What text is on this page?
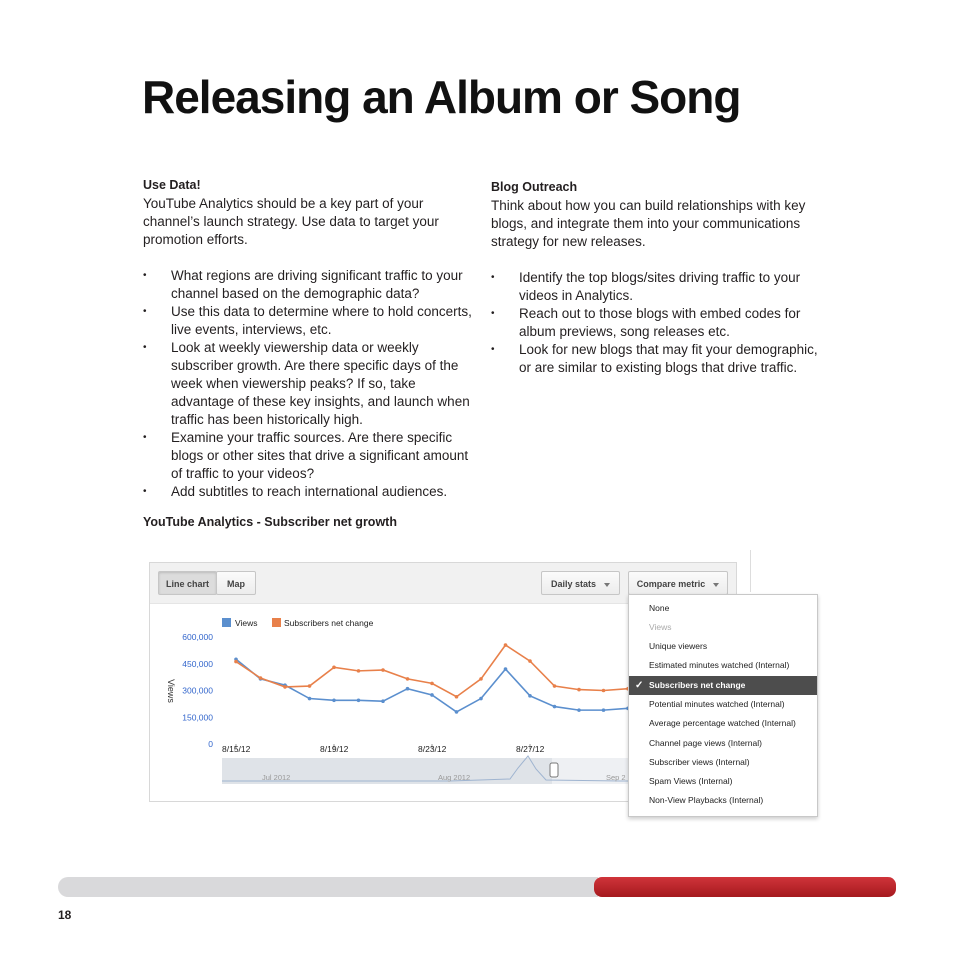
Releasing an Album or Song
Use Data!

YouTube Analytics should be a key part of your channel’s launch strategy. Use data to target your promotion efforts.

• What regions are driving significant traffic to your channel based on the demographic data?
• Use this data to determine where to hold concerts, live events, interviews, etc.
• Look at weekly viewership data or weekly subscriber growth. Are there specific days of the week when viewership peaks? If so, take advantage of these key insights, and launch when traffic has been historically high.
• Examine your traffic sources. Are there specific blogs or other sites that drive a significant amount of traffic to your videos?
• Add subtitles to reach international audiences.
Blog Outreach

Think about how you can build relationships with key blogs, and integrate them into your communications strategy for new releases.

• Identify the top blogs/sites driving traffic to your videos in Analytics.
• Reach out to those blogs with embed codes for album previews, song releases etc.
• Look for new blogs that may fit your demographic, or are similar to existing blogs that drive traffic.
YouTube Analytics - Subscriber net growth
Line chart	Map	Daily stats	Compare metric
Views	Subscribers net change
Views
600,000
450,000
300,000
150,000
0 8/15/12	8/19/12	8/23/12	8/27/12
Jul 2012	Aug 2012	Sep 2
None
Views
Unique viewers
Estimated minutes watched (Internal)
✓ Subscribers net change
Potential minutes watched (Internal)
Average percentage watched (Internal)
Channel page views (Internal)
Subscriber views (Internal)
Spam Views (Internal)
Non-View Playbacks (Internal)
18
